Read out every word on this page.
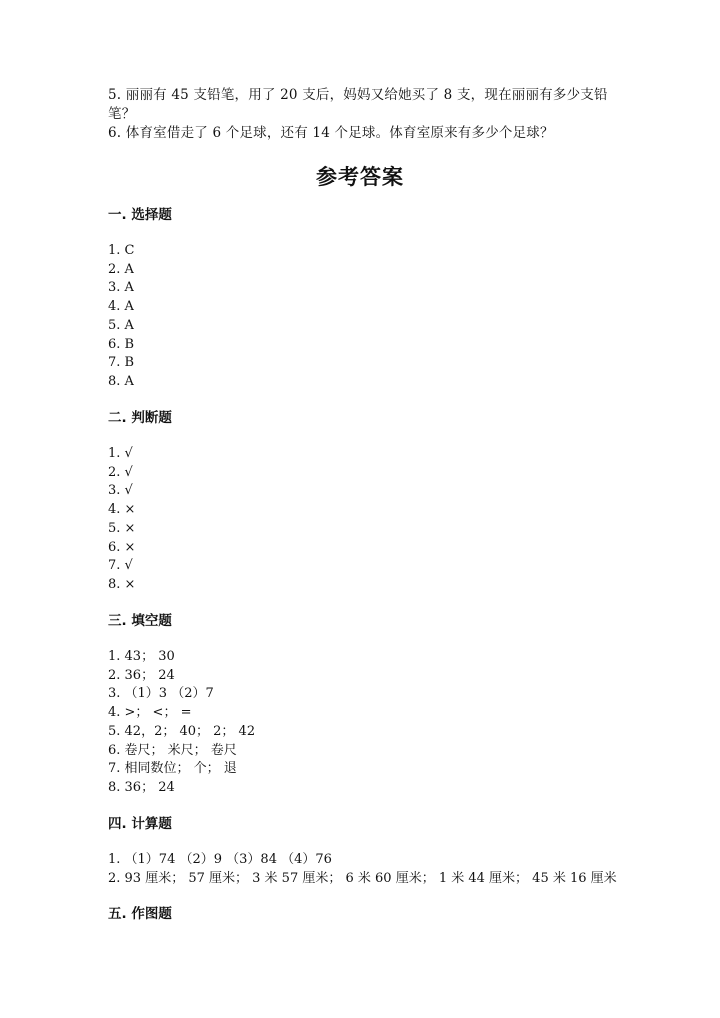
5. 丽丽有 45 支铅笔，用了 20 支后，妈妈又给她买了 8 支，现在丽丽有多少支铅笔？

6. 体育室借走了 6 个足球，还有 14 个足球。体育室原来有多少个足球？

参考答案
一. 选择题
1. C
2. A
3. A
4. A
5. A
6. B
7. B
8. A
二. 判断题
1. √
2. √
3. √
4. ×
5. ×
6. ×
7. √
8. ×
三. 填空题
1. 43； 30
2. 36； 24
3. （1）3 （2）7
4. >； <； =
5. 42，2； 40； 2； 42
6. 卷尺； 米尺； 卷尺
7. 相同数位； 个； 退
8. 36； 24
四. 计算题
1. （1）74 （2）9 （3）84 （4）76
2. 93 厘米； 57 厘米； 3 米 57 厘米； 6 米 60 厘米； 1 米 44 厘米； 45 米 16 厘米
五. 作图题
